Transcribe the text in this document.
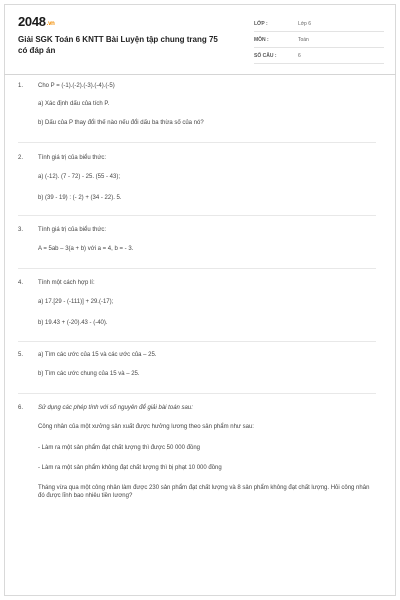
2048.vn
Giải SGK Toán 6 KNTT Bài Luyện tập chung trang 75 có đáp án
LỚP :	Lớp 6
MÔN :	Toán
SỐ CÂU :	6
1. Cho P = (-1).(-2).(-3).(-4).(-5)
a) Xác định dấu của tích P.
b) Dấu của P thay đổi thế nào nếu đổi dấu ba thừa số của nó?
2. Tính giá trị của biểu thức:
a) (-12). (7 - 72) - 25. (55 - 43);
b) (39 - 19) : (- 2) + (34 - 22). 5.
3. Tính giá trị của biểu thức:
A = 5ab – 3(a + b) với a = 4, b = - 3.
4. Tính một cách hợp lí:
a) 17.[29 - (-111)] + 29.(-17);
b) 19.43 + (-20).43 - (-40).
5. a) Tìm các ước của 15 và các ước của – 25.
b) Tìm các ước chung của 15 và – 25.
6. Sử dụng các phép tính với số nguyên để giải bài toán sau:
Công nhân của một xưởng sản xuất được hưởng lương theo sản phẩm như sau:
- Làm ra một sản phẩm đạt chất lượng thì được 50 000 đồng
- Làm ra một sản phẩm không đạt chất lượng thì bị phạt 10 000 đồng
Tháng vừa qua một công nhân làm được 230 sản phẩm đạt chất lượng và 8 sản phẩm không đạt chất lượng. Hỏi công nhân đó được lĩnh bao nhiêu tiền lương?
